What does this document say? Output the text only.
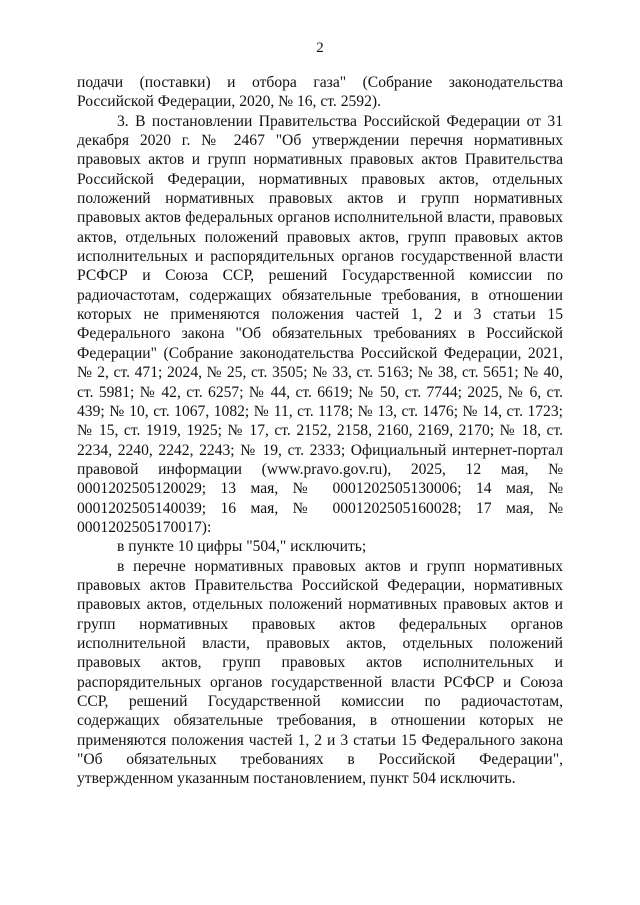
2

подачи (поставки) и отбора газа" (Собрание законодательства Российской Федерации, 2020, № 16, ст. 2592).

3. В постановлении Правительства Российской Федерации от 31 декабря 2020 г. № 2467 "Об утверждении перечня нормативных правовых актов и групп нормативных правовых актов Правительства Российской Федерации, нормативных правовых актов, отдельных положений нормативных правовых актов и групп нормативных правовых актов федеральных органов исполнительной власти, правовых актов, отдельных положений правовых актов, групп правовых актов исполнительных и распорядительных органов государственной власти РСФСР и Союза ССР, решений Государственной комиссии по радиочастотам, содержащих обязательные требования, в отношении которых не применяются положения частей 1, 2 и 3 статьи 15 Федерального закона "Об обязательных требованиях в Российской Федерации" (Собрание законодательства Российской Федерации, 2021, № 2, ст. 471; 2024, № 25, ст. 3505; № 33, ст. 5163; № 38, ст. 5651; № 40, ст. 5981; № 42, ст. 6257; № 44, ст. 6619; № 50, ст. 7744; 2025, № 6, ст. 439; № 10, ст. 1067, 1082; № 11, ст. 1178; № 13, ст. 1476; № 14, ст. 1723; № 15, ст. 1919, 1925; № 17, ст. 2152, 2158, 2160, 2169, 2170; № 18, ст. 2234, 2240, 2242, 2243; № 19, ст. 2333; Официальный интернет-портал правовой информации (www.pravo.gov.ru), 2025, 12 мая, № 0001202505120029; 13 мая, № 0001202505130006; 14 мая, № 0001202505140039; 16 мая, № 0001202505160028; 17 мая, № 0001202505170017):

в пункте 10 цифры "504," исключить;

в перечне нормативных правовых актов и групп нормативных правовых актов Правительства Российской Федерации, нормативных правовых актов, отдельных положений нормативных правовых актов и групп нормативных правовых актов федеральных органов исполнительной власти, правовых актов, отдельных положений правовых актов, групп правовых актов исполнительных и распорядительных органов государственной власти РСФСР и Союза ССР, решений Государственной комиссии по радиочастотам, содержащих обязательные требования, в отношении которых не применяются положения частей 1, 2 и 3 статьи 15 Федерального закона "Об обязательных требованиях в Российской Федерации", утвержденном указанным постановлением, пункт 504 исключить.
